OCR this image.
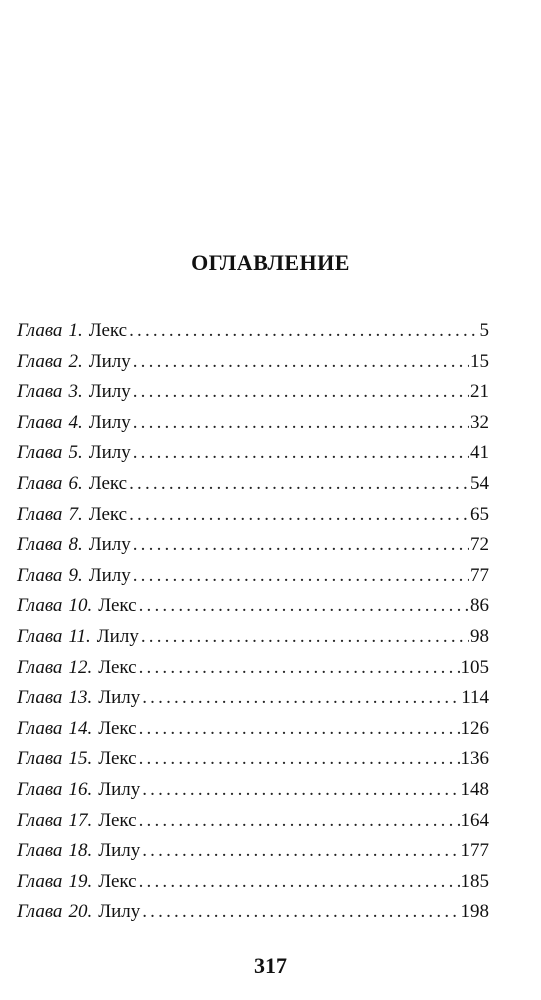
ОГЛАВЛЕНИЕ
Глава 1. Лекс .....	5
Глава 2. Лилу .....	15
Глава 3. Лилу .....	21
Глава 4. Лилу .....	32
Глава 5. Лилу .....	41
Глава 6. Лекс .....	54
Глава 7. Лекс .....	65
Глава 8. Лилу .....	72
Глава 9. Лилу .....	77
Глава 10. Лекс .....	86
Глава 11. Лилу .....	98
Глава 12. Лекс .....	105
Глава 13. Лилу .....	114
Глава 14. Лекс .....	126
Глава 15. Лекс .....	136
Глава 16. Лилу .....	148
Глава 17. Лекс .....	164
Глава 18. Лилу .....	177
Глава 19. Лекс .....	185
Глава 20. Лилу .....	198
317
